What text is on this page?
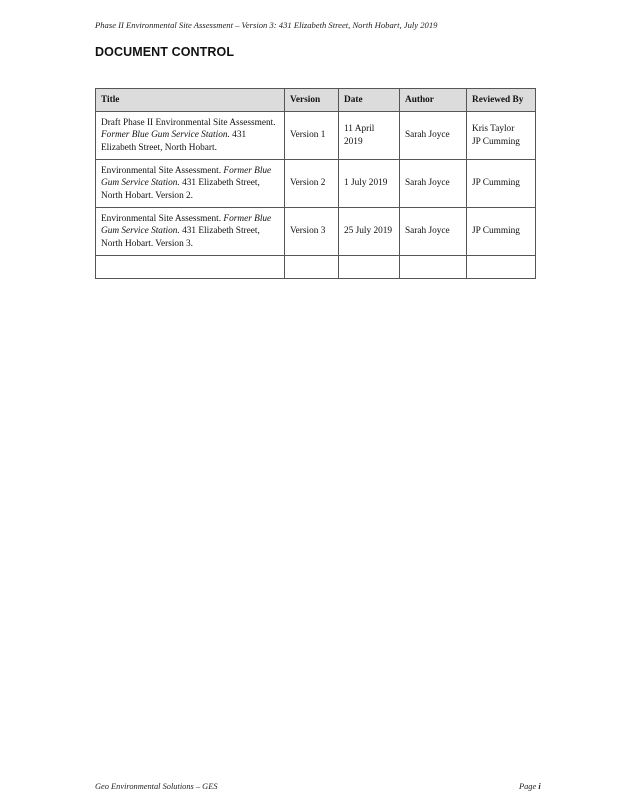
Phase II Environmental Site Assessment – Version 3: 431 Elizabeth Street, North Hobart, July 2019
DOCUMENT CONTROL
Title	Version	Date	Author	Reviewed By
Draft Phase II Environmental Site Assessment. Former Blue Gum Service Station. 431 Elizabeth Street, North Hobart.	Version 1	11 April 2019	Sarah Joyce	Kris Taylor
JP Cumming

Environmental Site Assessment. Former Blue Gum Service Station. 431 Elizabeth Street, North Hobart. Version 2.	Version 2	1 July 2019	Sarah Joyce	JP Cumming

Environmental Site Assessment. Former Blue Gum Service Station. 431 Elizabeth Street, North Hobart. Version 3.	Version 3	25 July 2019	Sarah Joyce	JP Cumming

Geo Environmental Solutions – GES	Page i
